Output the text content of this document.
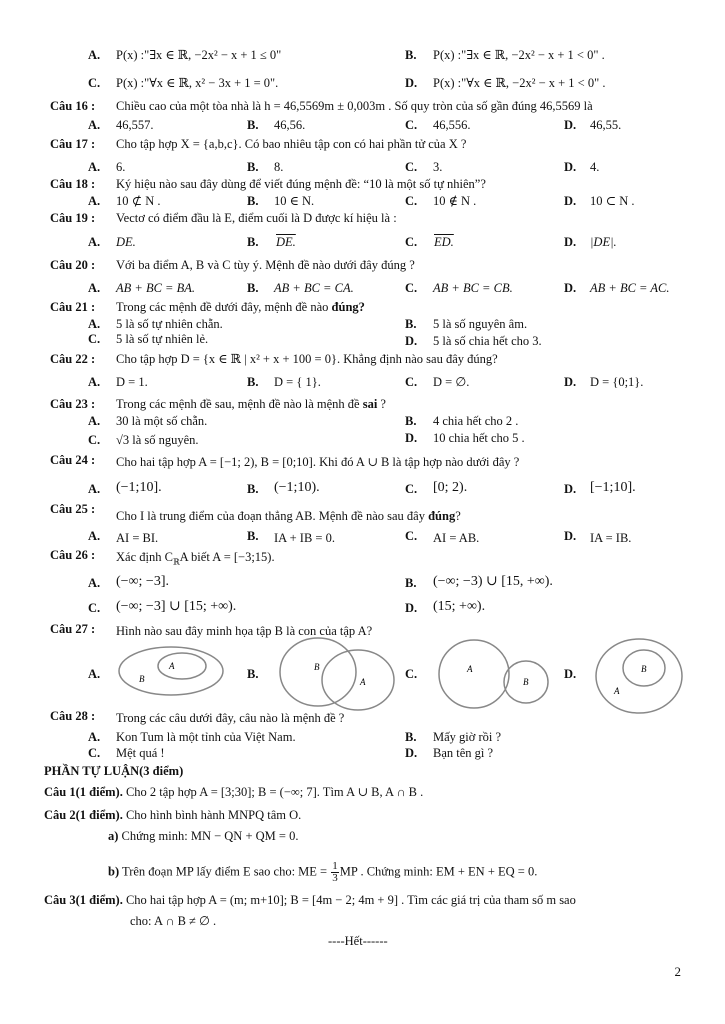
A. P(x) :"∃x ∈ ℝ, −2x² − x + 1 ≤ 0"	B. P(x) :"∃x ∈ ℝ, −2x² − x + 1 < 0" .
C. P(x) :"∀x ∈ ℝ, x² − 3x + 1 = 0".	D. P(x) :"∀x ∈ ℝ, −2x² − x + 1 < 0" .
Câu 16 : Chiều cao của một tòa nhà là h = 46,5569m ± 0,003m . Số quy tròn của số gần đúng 46,5569 là
A. 46,557.	B. 46,56.	C. 46,556.	D. 46,55.
Câu 17 : Cho tập hợp X = {a,b,c}. Có bao nhiêu tập con có hai phần tử của X ?
A. 6.	B. 8.	C. 3.	D. 4.
Câu 18 : Ký hiệu nào sau đây dùng để viết đúng mệnh đề: “10 là một số tự nhiên”?
A. 10 ⊄ N .	B. 10 ∈ N.	C. 10 ∉ N .	D. 10 ⊂ N .
Câu 19 : Vectơ có điểm đầu là E, điểm cuối là D được kí hiệu là :
A. DE.	B. DE.	C. ED.	D. |DE|.
Câu 20 : Với ba điểm A, B và C tùy ý. Mệnh đề nào dưới đây đúng ?
A. AB + BC = BA.	B. AB + BC = CA.	C. AB + BC = CB.	D. AB + BC = AC.
Câu 21 : Trong các mệnh đề dưới đây, mệnh đề nào đúng?
A. 5 là số tự nhiên chẵn.	B. 5 là số nguyên âm.
C. 5 là số tự nhiên lẻ.	D. 5 là số chia hết cho 3.
Câu 22 : Cho tập hợp D = {x ∈ ℝ | x² + x + 100 = 0}. Khẳng định nào sau đây đúng?
A. D = 1.	B. D = { 1}.	C. D = ∅.	D. D = {0;1}.
Câu 23 : Trong các mệnh đề sau, mệnh đề nào là mệnh đề sai ?
A. 30 là một số chẵn.	B. 4 chia hết cho 2 .
C. √3 là số nguyên.	D. 10 chia hết cho 5 .
Câu 24 : Cho hai tập hợp A = [−1; 2), B = [0;10]. Khi đó A ∪ B là tập hợp nào dưới đây ?
A. (−1;10].	B. (−1;10).	C. [0; 2).	D. [−1;10].
Câu 25 : Cho I là trung điểm của đoạn thẳng AB. Mệnh đề nào sau đây đúng?
A. AI = BI.	B. IA + IB = 0.	C. AI = AB.	D. IA = IB.
Câu 26 : Xác định $C_ℝA$ biết A = [−3;15).
A. (−∞; −3].	B. (−∞; −3) ∪ [15, +∞).
C. (−∞; −3] ∪ [15; +∞).	D. (15; +∞).
Câu 27 : Hình nào sau đây minh họa tập B là con của tập A?
A.	B.	C.	D.
A
B
B
A
A
B
B
A
Câu 28 : Trong các câu dưới đây, câu nào là mệnh đề ?
A. Kon Tum là một tỉnh của Việt Nam.	B. Mấy giờ rồi ?
C. Mệt quá !	D. Bạn tên gì ?
PHẦN TỰ LUẬN(3 điểm)
Câu 1(1 điểm). Cho 2 tập hợp A = [3;30]; B = (−∞; 7]. Tìm A ∪ B, A ∩ B .
Câu 2(1 điểm). Cho hình bình hành MNPQ tâm O.
a) Chứng minh: MN − QN + QM = 0.
b) Trên đoạn MP lấy điểm E sao cho: ME = $\frac{1}{3}$ MP . Chứng minh: EM + EN + EQ = 0.
Câu 3(1 điểm). Cho hai tập hợp A = (m; m+10]; B = [4m − 2; 4m + 9] . Tìm các giá trị của tham số m sao
cho: A ∩ B ≠ ∅ .
----Hết------
2
